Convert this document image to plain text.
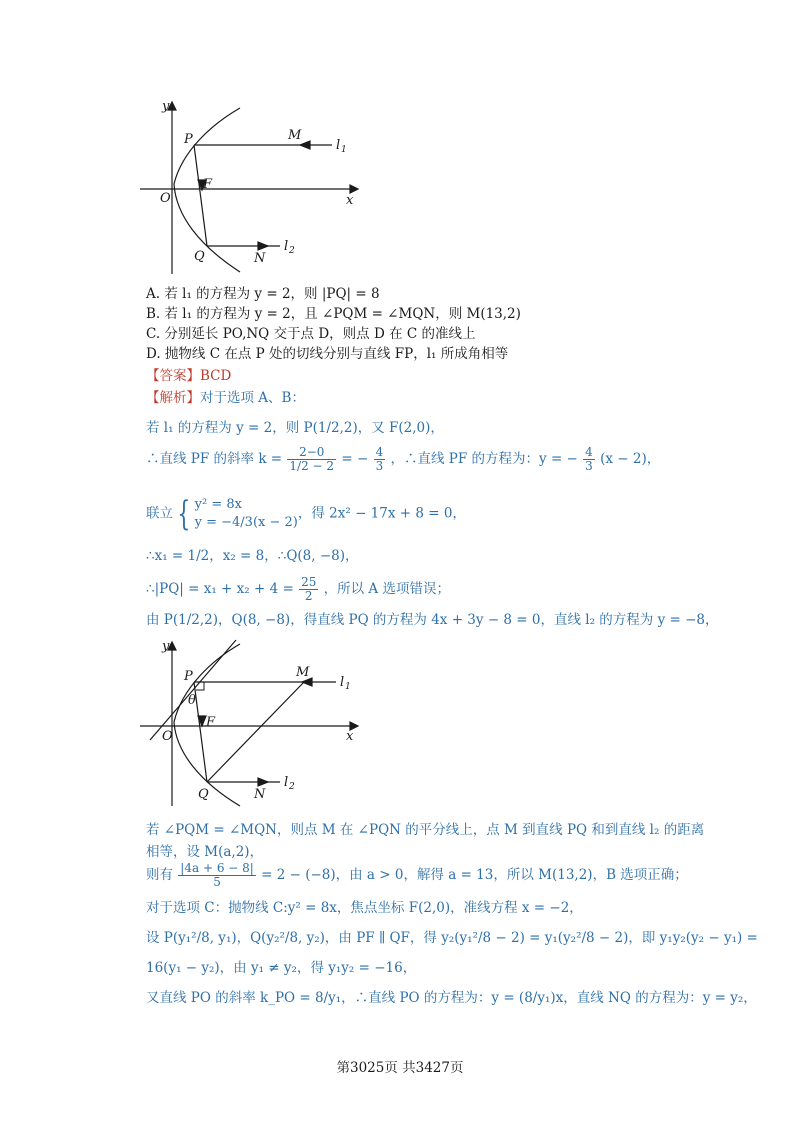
y
x
P	M
l 1
F
O
Q	N
l 2
A. 若 l₁ 的方程为 y = 2，则 |PQ| = 8
B. 若 l₁ 的方程为 y = 2，且 ∠PQM = ∠MQN，则 M(13,2)
C. 分别延长 PO,NQ 交于点 D，则点 D 在 C 的准线上
D. 抛物线 C 在点 P 处的切线分别与直线 FP，l₁ 所成角相等
【答案】BCD
【解析】对于选项 A、B：
若 l₁ 的方程为 y = 2，则 P(1/2,2)，又 F(2,0)，
∴直线 PF 的斜率 $k = \frac{2-0}{1/2 - 2}$ = − $\frac{4}{3}$ ，∴直线 PF 的方程为：y = − $\frac{4}{3} (x - 2)$，
联立 { y² = 8x
y = −4/3(x − 2)
，得 2x² − 17x + 8 = 0，
∴x₁ = 1/2，x₂ = 8，∴Q(8, −8)，
∴|PQ| = $x_1 + x_2 + 4 = \frac{25}{2}$ ，所以 A 选项错误；
由 P(1/2,2)，Q(8, −8)，得直线 PQ 的方程为 4x + 3y − 8 = 0，直线 l₂ 的方程为 y = −8，
y
x
P	M
l 1
θ
F
O
Q	N
l 2
若 ∠PQM = ∠MQN，则点 M 在 ∠PQN 的平分线上，点 M 到直线 PQ 和到直线 l₂ 的距离
相等，设 M(a,2)，
则有 $\frac{|4a + 6 - 8|}{5} = 2 - (-8)$，由 a > 0，解得 a = 13，所以 M(13,2)，B 选项正确；
对于选项 C：抛物线 C:y² = 8x，焦点坐标 F(2,0)，准线方程 x = −2，
设 P(y₁²/8, y₁)，Q(y₂²/8, y₂)，由 PF ∥ QF，得 y₂(y₁²/8 − 2) = y₁(y₂²/8 − 2)，即 y₁y₂(y₂ − y₁) =
16(y₁ − y₂)，由 y₁ ≠ y₂，得 y₁y₂ = −16，
又直线 PO 的斜率 k_PO = 8/y₁，∴直线 PO 的方程为：y = (8/y₁)x，直线 NQ 的方程为：y = y₂，
第3025页 共3427页
